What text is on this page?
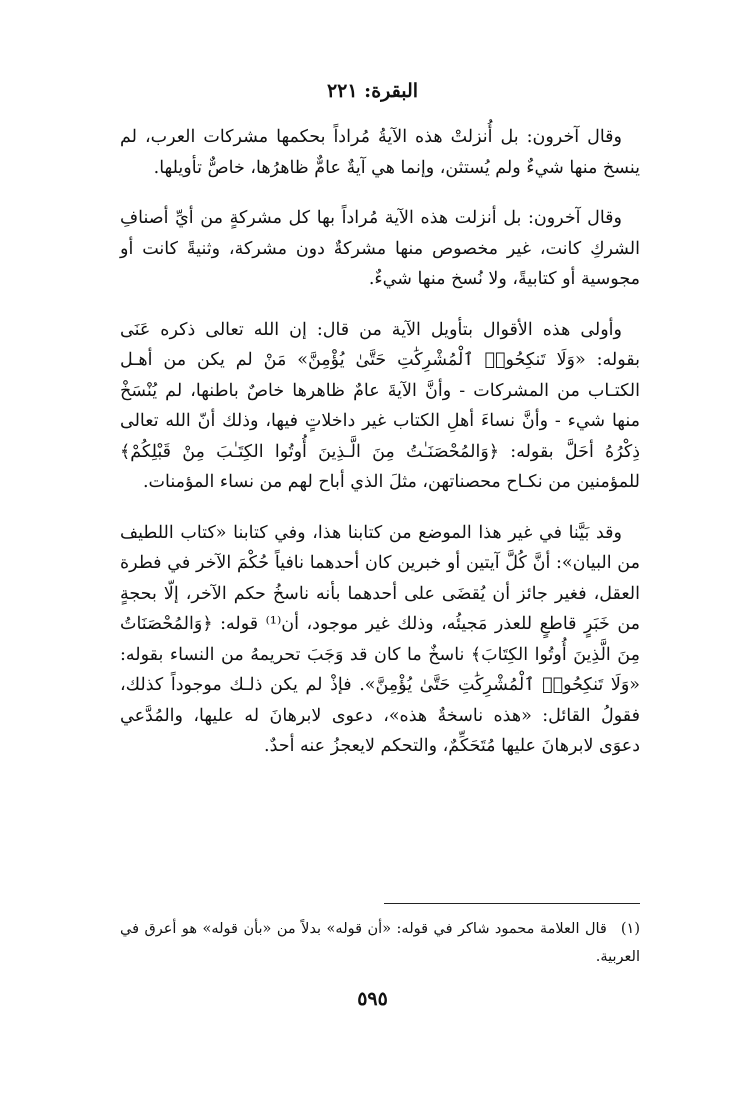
البقرة: ٢٢١

وقال آخرون: بل أُنزلتْ هذه الآيةُ مُراداً بحكمها مشركات العرب، لم ينسخ منها شيءٌ ولم يُستثن، وإنما هي آيةٌ عامٌّ ظاهرُها، خاصٌّ تأويلها.

وقال آخرون: بل أنزلت هذه الآية مُراداً بها كل مشركةٍ من أيِّ أصنافِ الشركِ كانت، غير مخصوص منها مشركةٌ دون مشركة، وثنيةً كانت أو مجوسية أو كتابيةً، ولا نُسخ منها شيءٌ.

وأولى هذه الأقوال بتأويل الآية من قال: إن الله تعالى ذكره عَنَى بقوله: «وَلَا تَنكِحُوا۟ ٱلْمُشْرِكَٰتِ حَتَّىٰ يُؤْمِنَّ» مَنْ لم يكن من أهـل الكتـاب من المشركات - وأنَّ الآيةَ عامٌ ظاهرها خاصٌ باطنها، لم يُنْسَخْ منها شيء - وأنَّ نساءَ أهلِ الكتاب غير داخلاتٍ فيها، وذلك أنّ الله تعالى ذِكْرُهُ أحَلَّ بقوله: ﴿وَالمُحْصَنَـٰتُ مِنَ الَّـذِينَ أُوتُوا الكِتَـٰبَ مِنْ قَبْلِكُمْ﴾ للمؤمنين من نكـاح محصناتهن، مثلَ الذي أباح لهم من نساء المؤمنات.

وقد بَيَّنا في غير هذا الموضع من كتابنا هذا، وفي كتابنا «كتاب اللطيف من البيان»: أنَّ كُلَّ آيتين أو خبرين كان أحدهما نافياً حُكْمَ الآخر في فطرة العقل، فغير جائز أن يُقضَى على أحدهما بأنه ناسخُ حكم الآخر، إلّا بحجةٍ من خَبَرٍ قاطعٍ للعذر مَجيئُه، وذلك غير موجود، أن⁽¹⁾ قوله: ﴿وَالمُحْصَنَاتُ مِنَ الَّذِينَ أُوتُوا الكِتَابَ﴾ ناسخٌ ما كان قد وَجَبَ تحريمهُ من النساء بقوله: «وَلَا تَنكِحُوا۟ ٱلْمُشْرِكَٰتِ حَتَّىٰ يُؤْمِنَّ». فإذْ لم يكن ذلـك موجوداً كذلك، فقولُ القائل: «هذه ناسخةٌ هذه»، دعوى لابرهانَ له عليها، والمُدَّعي دعوَى لابرهانَ عليها مُتَحَكِّمٌ، والتحكم لايعجزُ عنه أحدٌ.

(١)قال العلامة محمود شاكر في قوله: «أن قوله» بدلاً من «بأن قوله» هو أعرق في العربية.
٥٩٥
